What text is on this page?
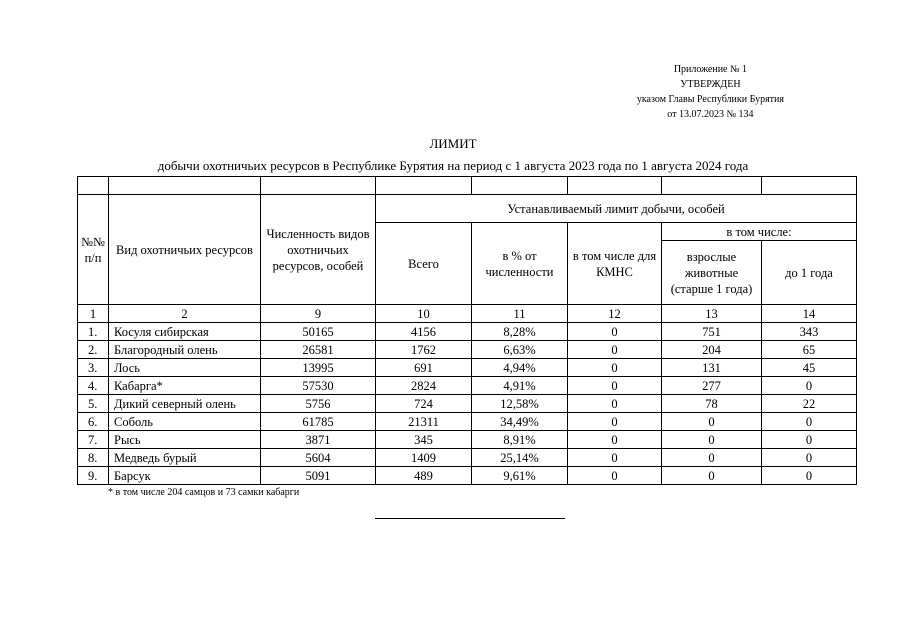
Приложение № 1
УТВЕРЖДЕН
указом Главы Республики Бурятия
от 13.07.2023 № 134
ЛИМИТ
добычи охотничьих ресурсов в Республике Бурятия на период с 1 августа 2023 года по 1 августа 2024 года

№№ п/п	Вид охотничьих ресурсов	Численность видов охотничьих ресурсов, особей	Устанавливаемый лимит добычи, особей				
			Всего	в % от численности	в том числе для КМНС	в том числе:	
						взрослые животные (старше 1 года)	до 1 года
1	2	9	10	11	12	13	14
1.	Косуля сибирская	50165	4156	8,28%	0	751	343
2.	Благородный олень	26581	1762	6,63%	0	204	65
3.	Лось	13995	691	4,94%	0	131	45
4.	Кабарга*	57530	2824	4,91%	0	277	0
5.	Дикий северный олень	5756	724	12,58%	0	78	22
6.	Соболь	61785	21311	34,49%	0	0	0
7.	Рысь	3871	345	8,91%	0	0	0
8.	Медведь бурый	5604	1409	25,14%	0	0	0
9.	Барсук	5091	489	9,61%	0	0	0
* в том числе 204 самцов и 73 самки кабарги
